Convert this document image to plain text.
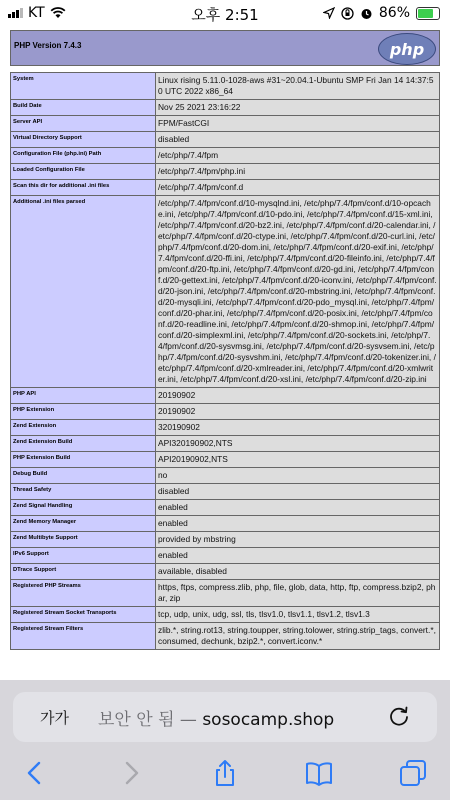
KT	오후 2:51	86%
PHP Version 7.4.3	php
System	Linux rising 5.11.0-1028-aws #31~20.04.1-Ubuntu SMP Fri Jan 14 14:37:50 UTC 2022 x86_64
Build Date	Nov 25 2021 23:16:22
Server API	FPM/FastCGI
Virtual Directory Support	disabled
Configuration File (php.ini) Path	/etc/php/7.4/fpm
Loaded Configuration File	/etc/php/7.4/fpm/php.ini
Scan this dir for additional .ini files	/etc/php/7.4/fpm/conf.d
Additional .ini files parsed	/etc/php/7.4/fpm/conf.d/10-mysqlnd.ini, /etc/php/7.4/fpm/conf.d/10-opcache.ini, /etc/php/7.4/fpm/conf.d/10-pdo.ini, /etc/php/7.4/fpm/conf.d/15-xml.ini, /etc/php/7.4/fpm/conf.d/20-bz2.ini, /etc/php/7.4/fpm/conf.d/20-calendar.ini, /etc/php/7.4/fpm/conf.d/20-ctype.ini, /etc/php/7.4/fpm/conf.d/20-curl.ini, /etc/php/7.4/fpm/conf.d/20-dom.ini, /etc/php/7.4/fpm/conf.d/20-exif.ini, /etc/php/7.4/fpm/conf.d/20-ffi.ini, /etc/php/7.4/fpm/conf.d/20-fileinfo.ini, /etc/php/7.4/fpm/conf.d/20-ftp.ini, /etc/php/7.4/fpm/conf.d/20-gd.ini, /etc/php/7.4/fpm/conf.d/20-gettext.ini, /etc/php/7.4/fpm/conf.d/20-iconv.ini, /etc/php/7.4/fpm/conf.d/20-json.ini, /etc/php/7.4/fpm/conf.d/20-mbstring.ini, /etc/php/7.4/fpm/conf.d/20-mysqli.ini, /etc/php/7.4/fpm/conf.d/20-pdo_mysql.ini, /etc/php/7.4/fpm/conf.d/20-phar.ini, /etc/php/7.4/fpm/conf.d/20-posix.ini, /etc/php/7.4/fpm/conf.d/20-readline.ini, /etc/php/7.4/fpm/conf.d/20-shmop.ini, /etc/php/7.4/fpm/conf.d/20-simplexml.ini, /etc/php/7.4/fpm/conf.d/20-sockets.ini, /etc/php/7.4/fpm/conf.d/20-sysvmsg.ini, /etc/php/7.4/fpm/conf.d/20-sysvsem.ini, /etc/php/7.4/fpm/conf.d/20-sysvshm.ini, /etc/php/7.4/fpm/conf.d/20-tokenizer.ini, /etc/php/7.4/fpm/conf.d/20-xmlreader.ini, /etc/php/7.4/fpm/conf.d/20-xmlwriter.ini, /etc/php/7.4/fpm/conf.d/20-xsl.ini, /etc/php/7.4/fpm/conf.d/20-zip.ini
PHP API	20190902
PHP Extension	20190902
Zend Extension	320190902
Zend Extension Build	API320190902,NTS
PHP Extension Build	API20190902,NTS
Debug Build	no
Thread Safety	disabled
Zend Signal Handling	enabled
Zend Memory Manager	enabled
Zend Multibyte Support	provided by mbstring
IPv6 Support	enabled
DTrace Support	available, disabled
Registered PHP Streams	https, ftps, compress.zlib, php, file, glob, data, http, ftp, compress.bzip2, phar, zip
Registered Stream Socket Transports	tcp, udp, unix, udg, ssl, tls, tlsv1.0, tlsv1.1, tlsv1.2, tlsv1.3
Registered Stream Filters	zlib.*, string.rot13, string.toupper, string.tolower, string.strip_tags, convert.*, consumed, dechunk, bzip2.*, convert.iconv.*
가가 보안 안 됨 — sosocamp.shop
